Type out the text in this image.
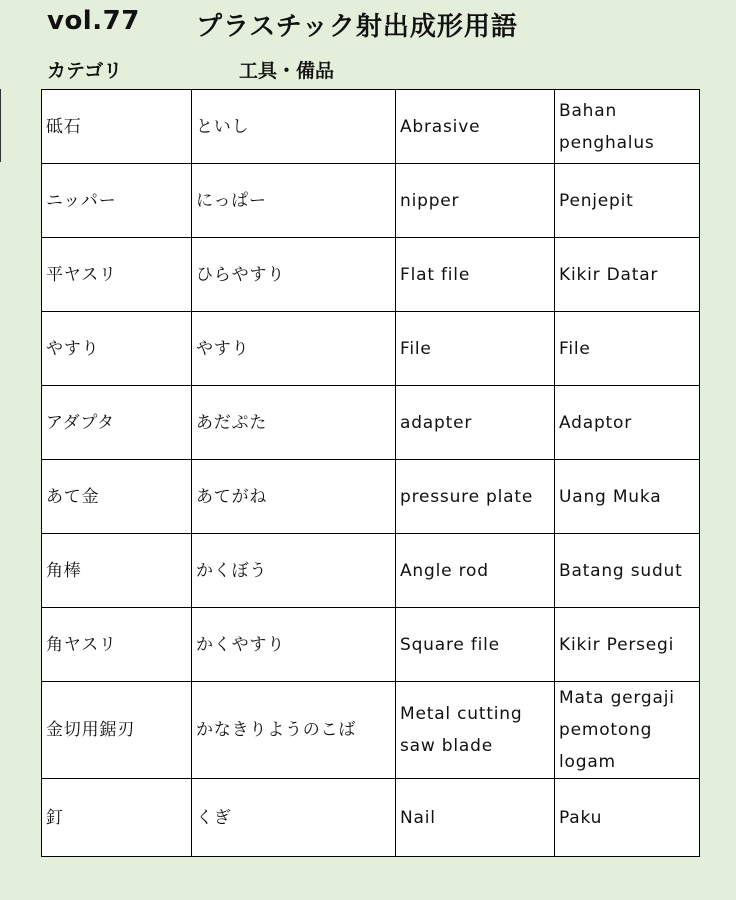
vol.77 プラスチック射出成形用語
カテゴリ	工具・備品
砥石	といし	Abrasive	Bahan penghalus
ニッパー	にっぱー	nipper	Penjepit
平ヤスリ	ひらやすり	Flat file	Kikir Datar
やすり	やすり	File	File
アダプタ	あだぷた	adapter	Adaptor
あて金	あてがね	pressure plate	Uang Muka
角棒	かくぼう	Angle rod	Batang sudut
角ヤスリ	かくやすり	Square file	Kikir Persegi
金切用鋸刃	かなきりようのこば	Metal cutting saw blade	Mata gergaji pemotong logam
釘	くぎ	Nail	Paku
